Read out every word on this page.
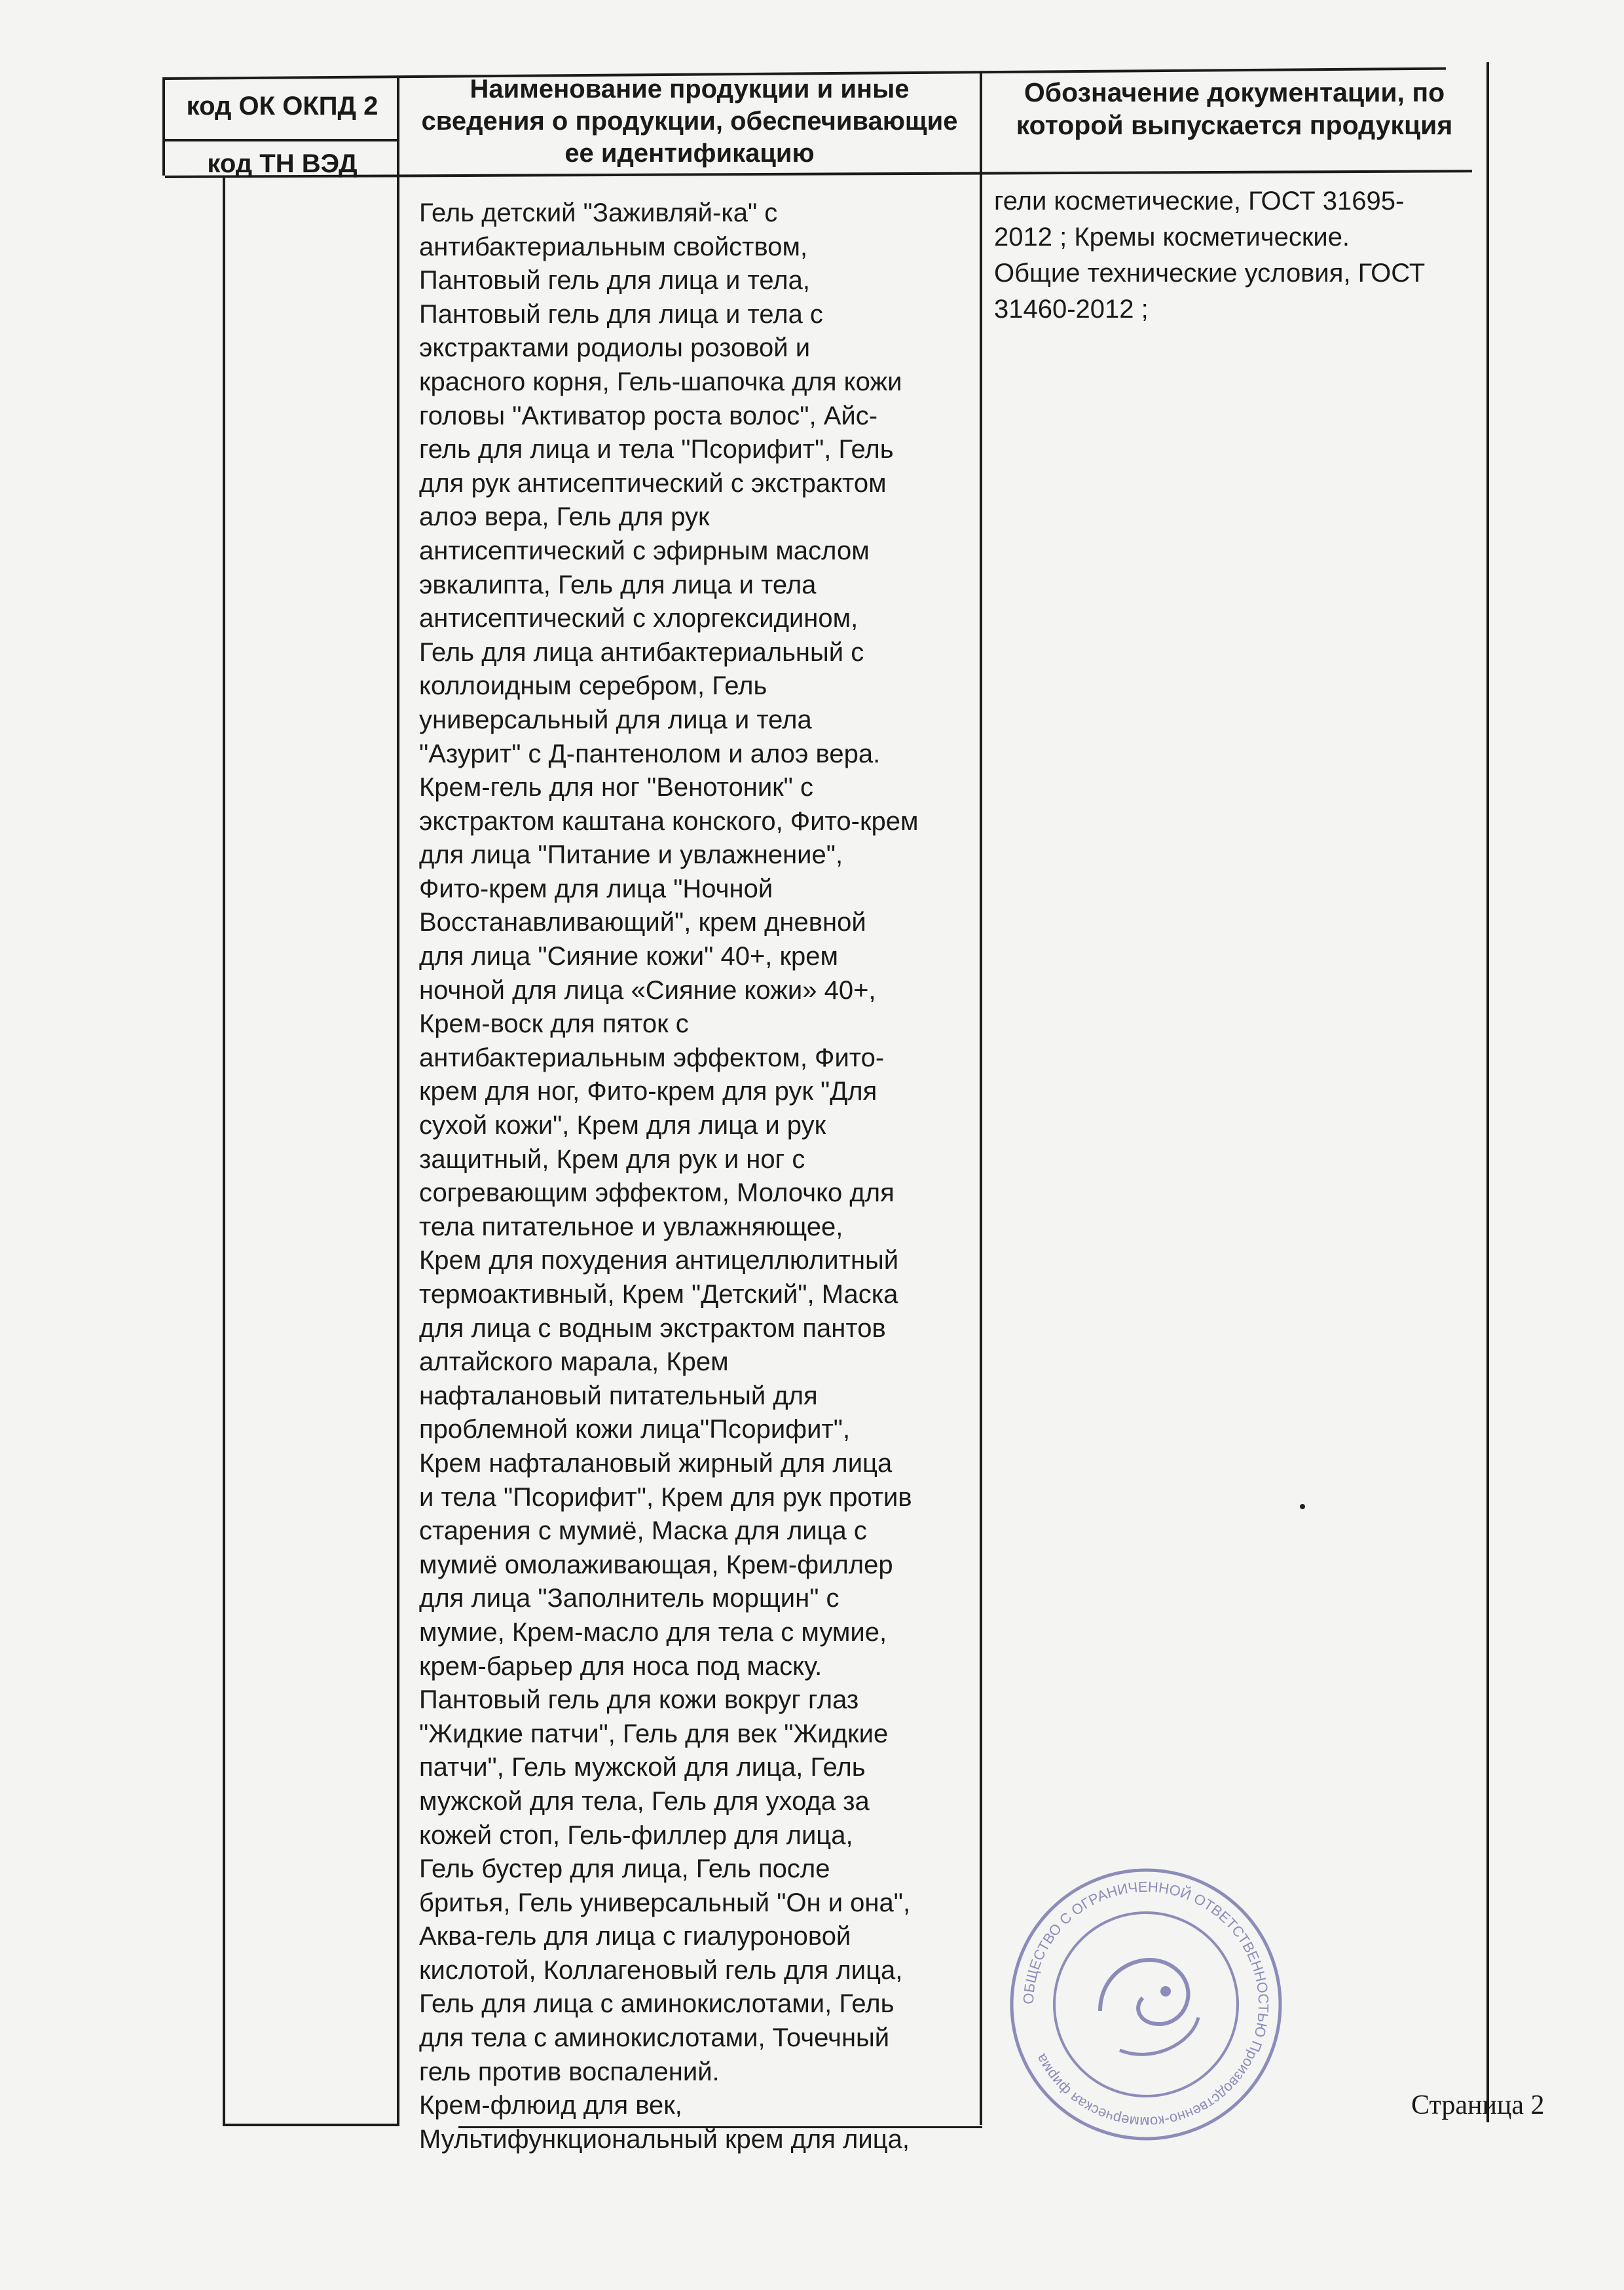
код ОК ОКПД 2
код ТН ВЭД
Наименование продукции и иные сведения о продукции, обеспечивающие ее идентификацию
Обозначение документации, по которой выпускается продукция
Гель детский "Заживляй-ка" с
антибактериальным свойством,
Пантовый гель для лица и тела,
Пантовый гель для лица и тела с
экстрактами родиолы розовой и
красного корня, Гель-шапочка для кожи
головы "Активатор роста волос", Айс-
гель для лица и тела "Псорифит", Гель
для рук антисептический с экстрактом
алоэ вера, Гель для рук
антисептический с эфирным маслом
эвкалипта, Гель для лица и тела
антисептический с хлоргексидином,
Гель для лица антибактериальный с
коллоидным серебром, Гель
универсальный для лица и тела
"Азурит" с Д-пантенолом и алоэ вера.
Крем-гель для ног "Венотоник" с
экстрактом каштана конского, Фито-крем
для лица "Питание и увлажнение",
Фито-крем для лица "Ночной
Восстанавливающий", крем дневной
для лица "Сияние кожи" 40+, крем
ночной для лица «Сияние кожи» 40+,
Крем-воск для пяток с
антибактериальным эффектом, Фито-
крем для ног, Фито-крем для рук "Для
сухой кожи", Крем для лица и рук
защитный, Крем для рук и ног с
согревающим эффектом, Молочко для
тела питательное и увлажняющее,
Крем для похудения антицеллюлитный
термоактивный, Крем "Детский", Маска
для лица с водным экстрактом пантов
алтайского марала, Крем
нафталановый питательный для
проблемной кожи лица"Псорифит",
Крем нафталановый жирный для лица
и тела "Псорифит", Крем для рук против
старения с мумиё, Маска для лица с
мумиё омолаживающая, Крем-филлер
для лица "Заполнитель морщин" с
мумие, Крем-масло для тела с мумие,
крем-барьер для носа под маску.
Пантовый гель для кожи вокруг глаз
"Жидкие патчи", Гель для век "Жидкие
патчи", Гель мужской для лица, Гель
мужской для тела, Гель для ухода за
кожей стоп, Гель-филлер для лица,
Гель бустер для лица, Гель после
бритья, Гель универсальный "Он и она",
Аква-гель для лица с гиалуроновой
кислотой, Коллагеновый гель для лица,
Гель для лица с аминокислотами, Гель
для тела с аминокислотами, Точечный
гель против воспалений.
Крем-флюид для век,
Мультифункциональный крем для лица,
гели косметические, ГОСТ 31695-
2012 ; Кремы косметические.
Общие технические условия, ГОСТ
31460-2012 ;
ОБЩЕСТВО С ОГРАНИЧЕННОЙ ОТВЕТСТВЕННОСТЬЮ Производственно-коммерческая фирма
Страница 2
